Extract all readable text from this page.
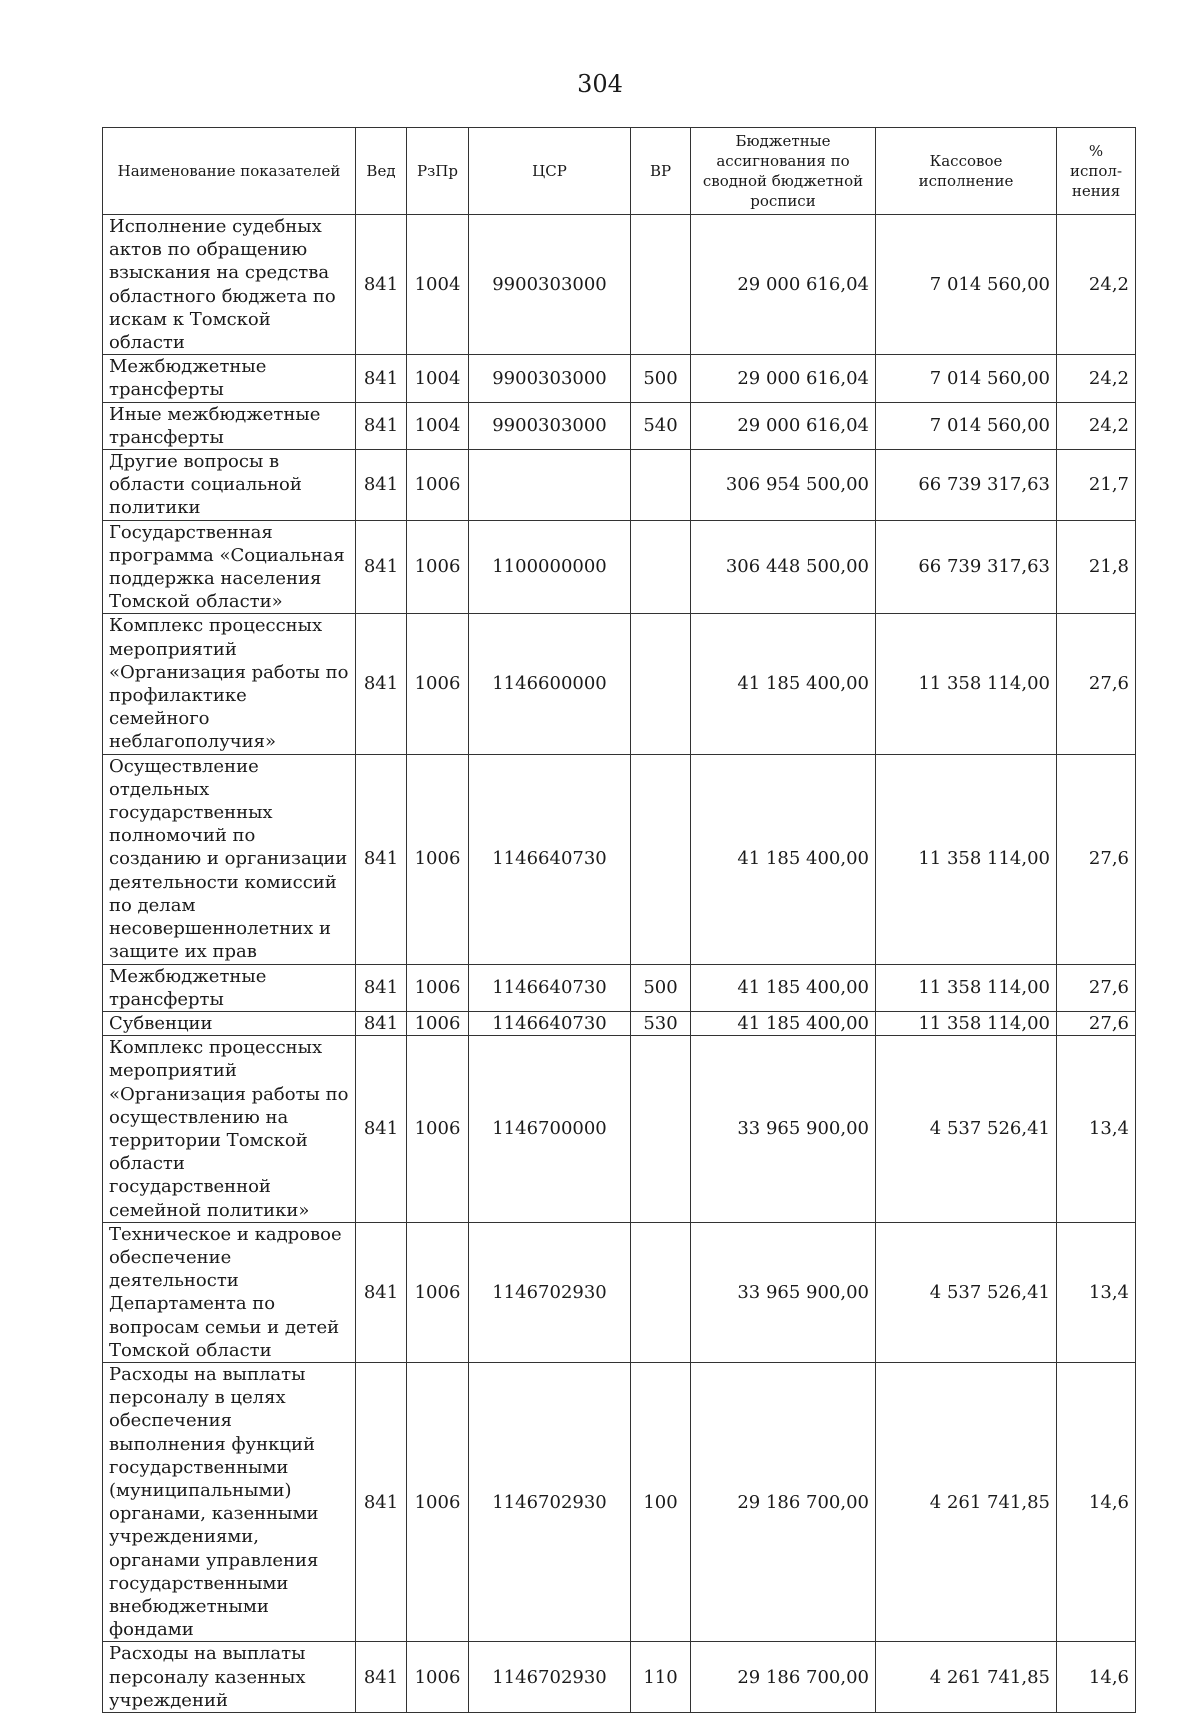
304
Наименование показателей	Вед	РзПр	ЦСР	ВР	Бюджетные ассигнования по сводной бюджетной росписи	Кассовое исполнение	% испол- нения
Исполнение судебных актов по обращению взыскания на средства областного бюджета по искам к Томской области	841	1004	9900303000		29 000 616,04	7 014 560,00	24,2
Межбюджетные трансферты	841	1004	9900303000	500	29 000 616,04	7 014 560,00	24,2
Иные межбюджетные трансферты	841	1004	9900303000	540	29 000 616,04	7 014 560,00	24,2
Другие вопросы в области социальной политики	841	1006			306 954 500,00	66 739 317,63	21,7
Государственная программа «Социальная поддержка населения Томской области»	841	1006	1100000000		306 448 500,00	66 739 317,63	21,8
Комплекс процессных мероприятий «Организация работы по профилактике семейного неблагополучия»	841	1006	1146600000		41 185 400,00	11 358 114,00	27,6
Осуществление отдельных государственных полномочий по созданию и организации деятельности комиссий по делам несовершеннолетних и защите их прав	841	1006	1146640730		41 185 400,00	11 358 114,00	27,6
Межбюджетные трансферты	841	1006	1146640730	500	41 185 400,00	11 358 114,00	27,6
Субвенции	841	1006	1146640730	530	41 185 400,00	11 358 114,00	27,6
Комплекс процессных мероприятий «Организация работы по осуществлению на территории Томской области государственной семейной политики»	841	1006	1146700000		33 965 900,00	4 537 526,41	13,4
Техническое и кадровое обеспечение деятельности Департамента по вопросам семьи и детей Томской области	841	1006	1146702930		33 965 900,00	4 537 526,41	13,4
Расходы на выплаты персоналу в целях обеспечения выполнения функций государственными (муниципальными) органами, казенными учреждениями, органами управления государственными внебюджетными фондами	841	1006	1146702930	100	29 186 700,00	4 261 741,85	14,6
Расходы на выплаты персоналу казенных учреждений	841	1006	1146702930	110	29 186 700,00	4 261 741,85	14,6
